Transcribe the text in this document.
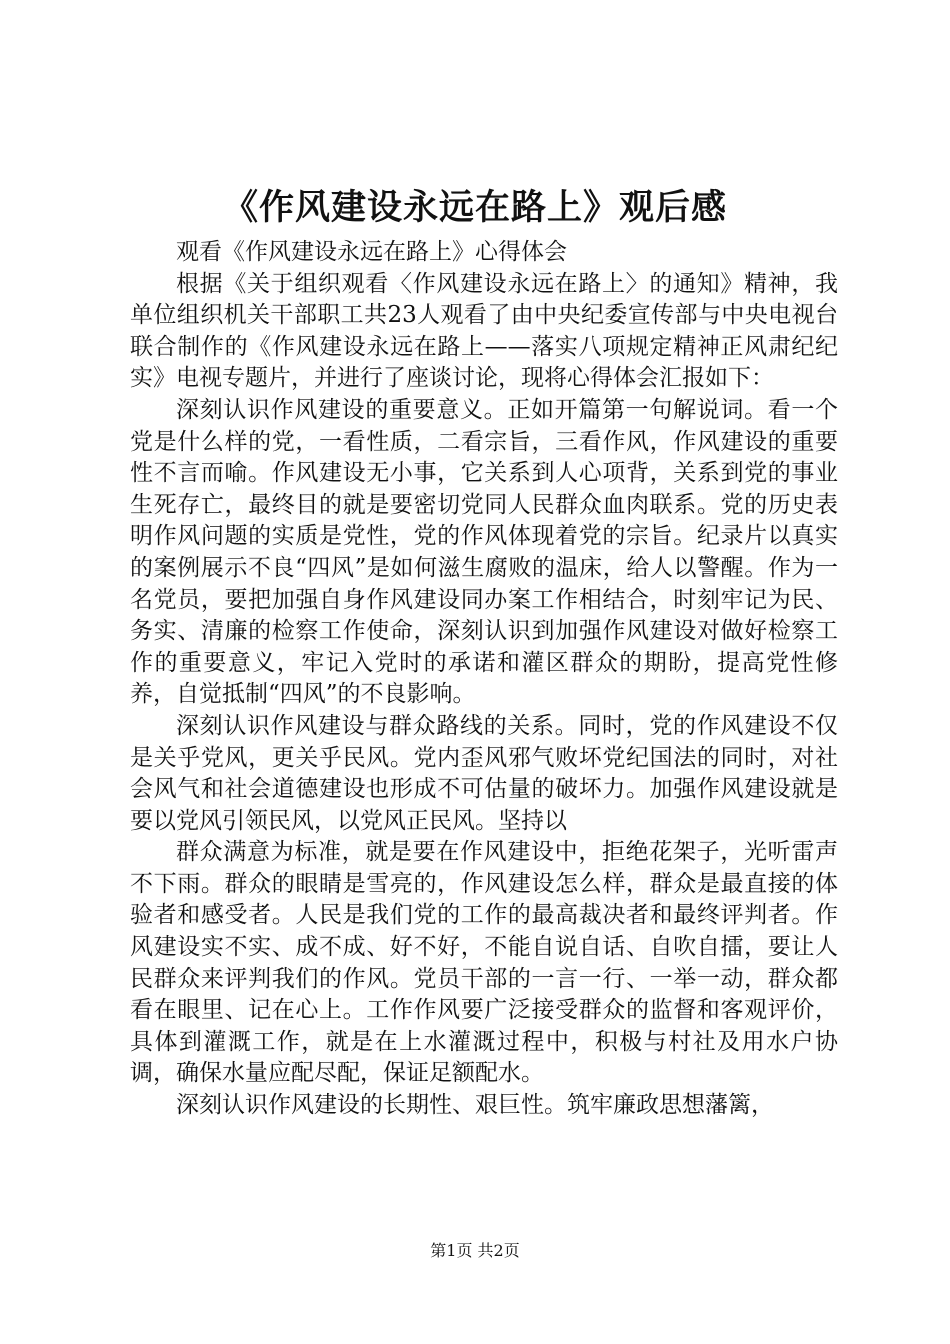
《作风建设永远在路上》观后感

观看《作风建设永远在路上》心得体会

根据《关于组织观看〈作风建设永远在路上〉的通知》精神，我单位组织机关干部职工共23人观看了由中央纪委宣传部与中央电视台联合制作的《作风建设永远在路上——落实八项规定精神正风肃纪纪实》电视专题片，并进行了座谈讨论，现将心得体会汇报如下：

深刻认识作风建设的重要意义。正如开篇第一句解说词。看一个党是什么样的党，一看性质，二看宗旨，三看作风，作风建设的重要性不言而喻。作风建设无小事，它关系到人心项背，关系到党的事业生死存亡，最终目的就是要密切党同人民群众血肉联系。党的历史表明作风问题的实质是党性，党的作风体现着党的宗旨。纪录片以真实的案例展示不良“四风”是如何滋生腐败的温床，给人以警醒。作为一名党员，要把加强自身作风建设同办案工作相结合，时刻牢记为民、务实、清廉的检察工作使命，深刻认识到加强作风建设对做好检察工作的重要意义，牢记入党时的承诺和灌区群众的期盼，提高党性修养，自觉抵制“四风”的不良影响。

深刻认识作风建设与群众路线的关系。同时，党的作风建设不仅是关乎党风，更关乎民风。党内歪风邪气败坏党纪国法的同时，对社会风气和社会道德建设也形成不可估量的破坏力。加强作风建设就是要以党风引领民风，以党风正民风。坚持以

群众满意为标准，就是要在作风建设中，拒绝花架子，光听雷声不下雨。群众的眼睛是雪亮的，作风建设怎么样，群众是最直接的体验者和感受者。人民是我们党的工作的最高裁决者和最终评判者。作风建设实不实、成不成、好不好，不能自说自话、自吹自擂，要让人民群众来评判我们的作风。党员干部的一言一行、一举一动，群众都看在眼里、记在心上。工作作风要广泛接受群众的监督和客观评价，具体到灌溉工作，就是在上水灌溉过程中，积极与村社及用水户协调，确保水量应配尽配，保证足额配水。

深刻认识作风建设的长期性、艰巨性。筑牢廉政思想藩篱，

第1页 共2页
